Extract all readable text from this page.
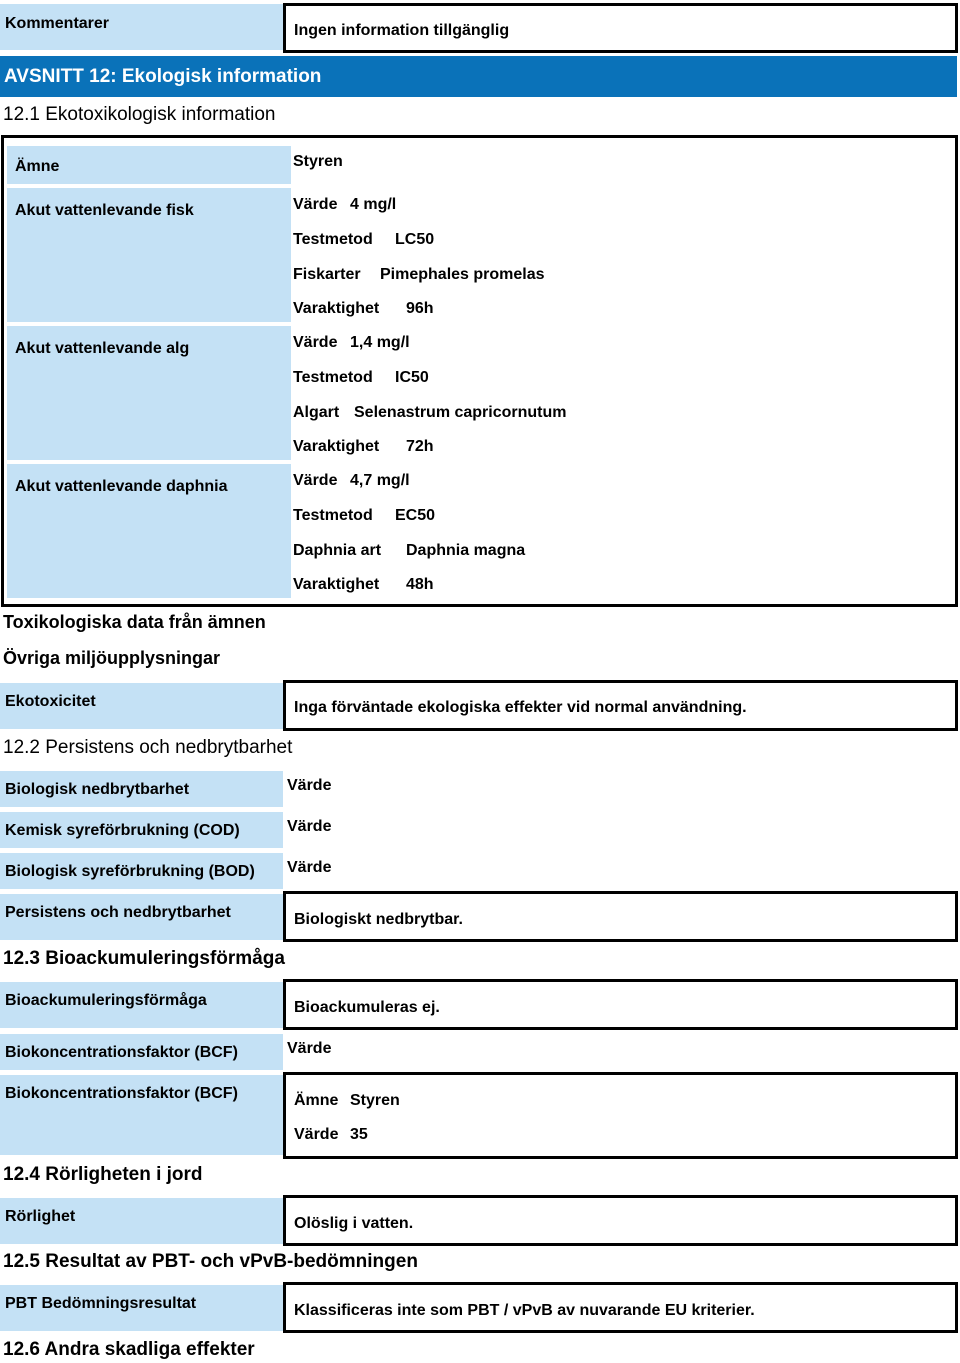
Kommentarer	Ingen information tillgänglig
AVSNITT 12: Ekologisk information
12.1 Ekotoxikologisk information
Ämne	Styren
Akut vattenlevande fisk	Värde 4 mg/l
Testmetod LC50
Fiskarter Pimephales promelas
Varaktighet 96h
Akut vattenlevande alg	Värde 1,4 mg/l
Testmetod IC50
Algart Selenastrum capricornutum
Varaktighet 72h
Akut vattenlevande daphnia	Värde 4,7 mg/l
Testmetod EC50
Daphnia art Daphnia magna
Varaktighet 48h
Toxikologiska data från ämnen
Övriga miljöupplysningar
Ekotoxicitet	Inga förväntade ekologiska effekter vid normal användning.
12.2 Persistens och nedbrytbarhet
Biologisk nedbrytbarhet	Värde
Kemisk syreförbrukning (COD)	Värde
Biologisk syreförbrukning (BOD)	Värde
Persistens och nedbrytbarhet	Biologiskt nedbrytbar.
12.3 Bioackumuleringsförmåga
Bioackumuleringsförmåga	Bioackumuleras ej.
Biokoncentrationsfaktor (BCF)	Värde
Biokoncentrationsfaktor (BCF)	Ämne Styren
Värde 35
12.4 Rörligheten i jord
Rörlighet	Olöslig i vatten.
12.5 Resultat av PBT- och vPvB-bedömningen
PBT Bedömningsresultat	Klassificeras inte som PBT / vPvB av nuvarande EU kriterier.
12.6 Andra skadliga effekter
